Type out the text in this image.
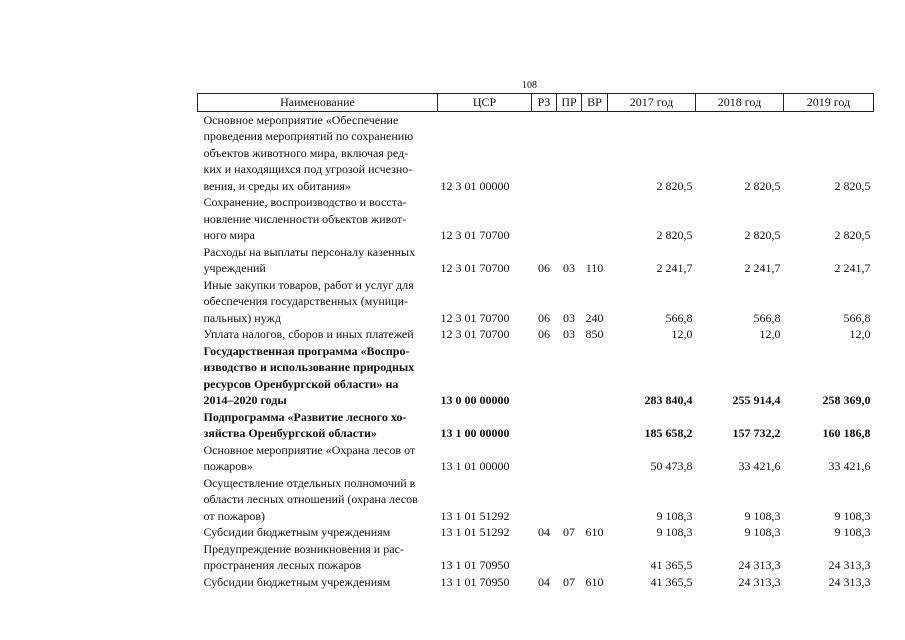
108
Наименование	ЦСР	РЗ	ПР	ВР	2017 год	2018 год	2019 год
Основное мероприятие «Обеспечение
проведения мероприятий по сохранению
объектов животного мира, включая ред-
ких и находящихся под угрозой исчезно-
вения, и среды их обитания»	12 3 01 00000				2 820,5	2 820,5	2 820,5
Сохранение, воспроизводство и восста-
новление численности объектов живот-
ного мира	12 3 01 70700				2 820,5	2 820,5	2 820,5
Расходы на выплаты персоналу казенных
учреждений	12 3 01 70700	06	03	110	2 241,7	2 241,7	2 241,7
Иные закупки товаров, работ и услуг для
обеспечения государственных (муници-
пальных) нужд	12 3 01 70700	06	03	240	566,8	566,8	566,8
Уплата налогов, сборов и иных платежей	12 3 01 70700	06	03	850	12,0	12,0	12,0
Государственная программа «Воспро-
изводство и использование природных
ресурсов Оренбургской области» на
2014–2020 годы	13 0 00 00000				283 840,4	255 914,4	258 369,0
Подпрограмма «Развитие лесного хо-
зяйства Оренбургской области»	13 1 00 00000				185 658,2	157 732,2	160 186,8
Основное мероприятие «Охрана лесов от
пожаров»	13 1 01 00000				50 473,8	33 421,6	33 421,6
Осуществление отдельных полномочий в
области лесных отношений (охрана лесов
от пожаров)	13 1 01 51292				9 108,3	9 108,3	9 108,3
Субсидии бюджетным учреждениям	13 1 01 51292	04	07	610	9 108,3	9 108,3	9 108,3
Предупреждение возникновения и рас-
пространения лесных пожаров	13 1 01 70950				41 365,5	24 313,3	24 313,3
Субсидии бюджетным учреждениям	13 1 01 70950	04	07	610	41 365,5	24 313,3	24 313,3
